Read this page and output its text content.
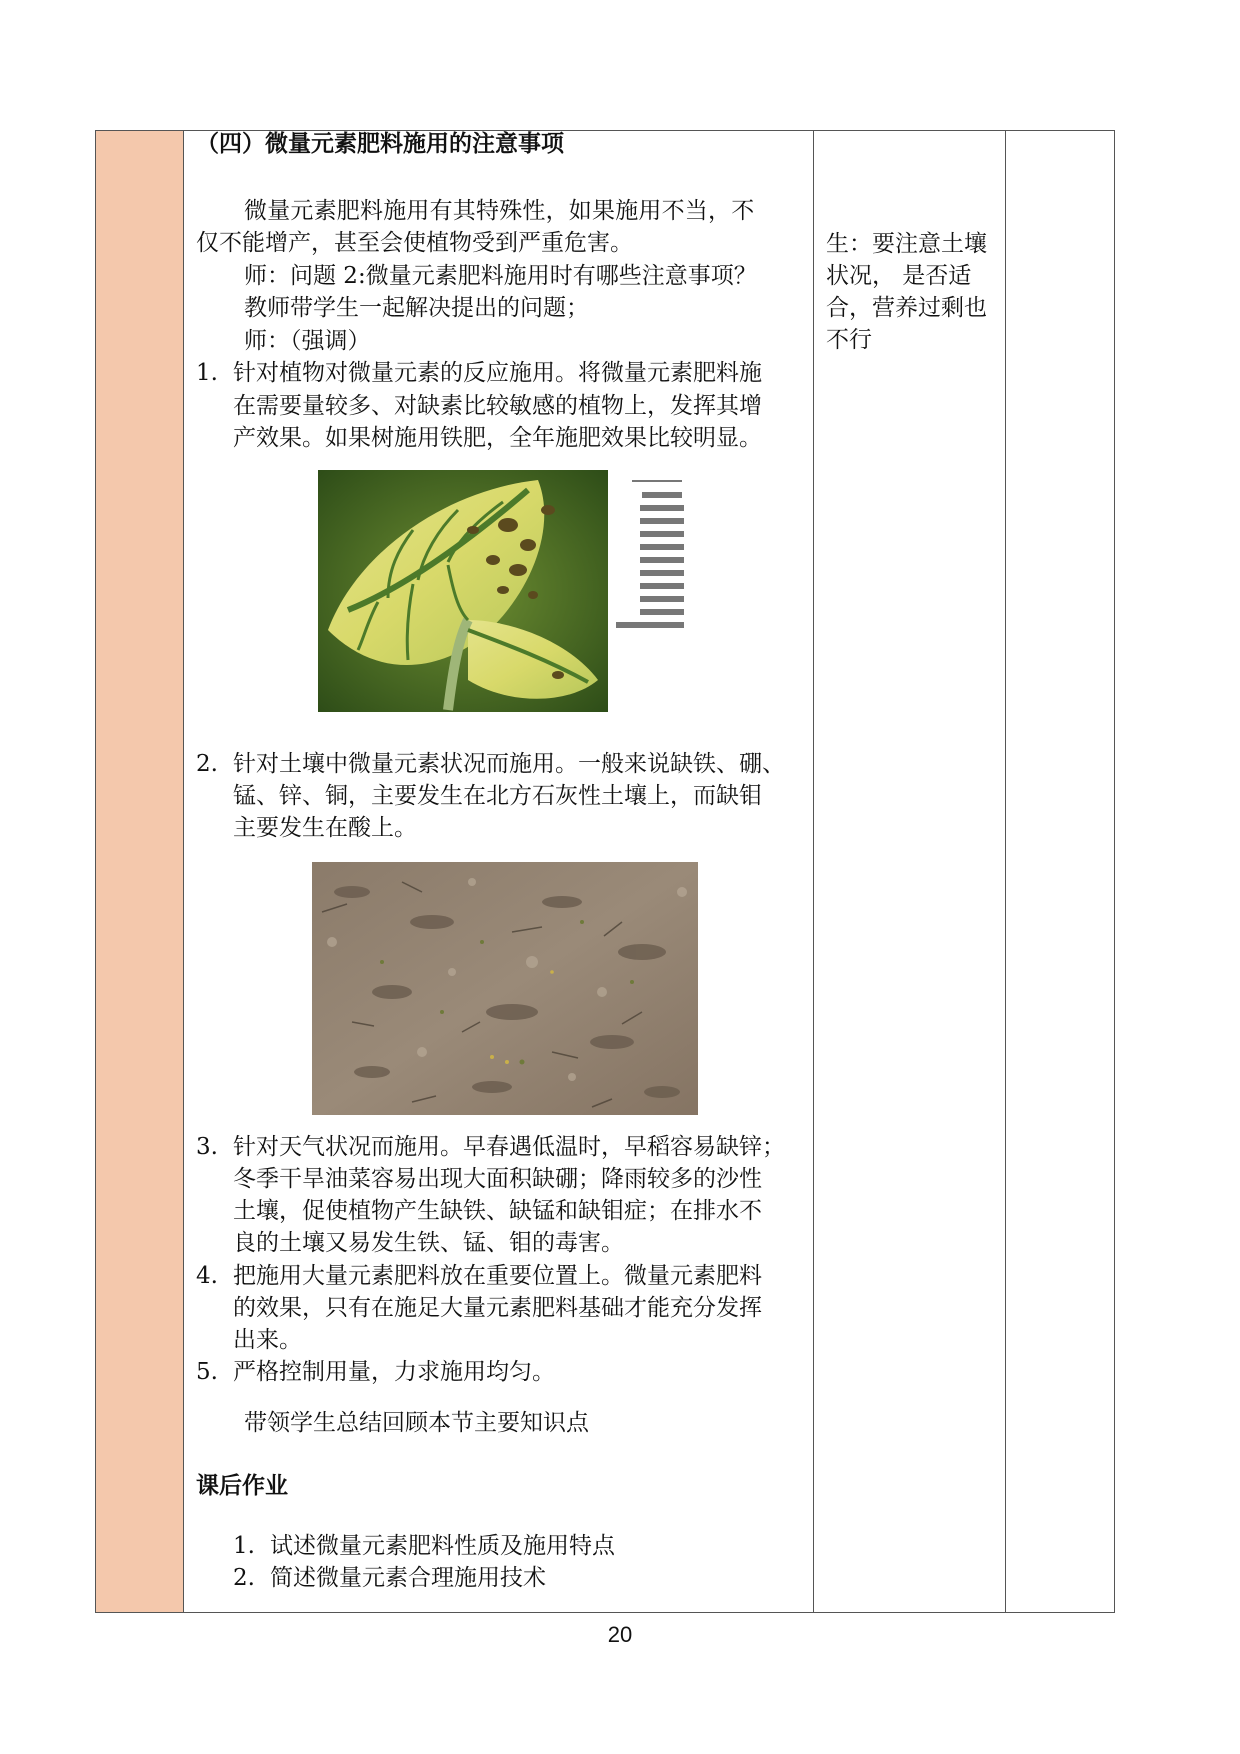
（四）微量元素肥料施用的注意事项
微量元素肥料施用有其特殊性，如果施用不当，不
仅不能增产，甚至会使植物受到严重危害。
师：问题 2:微量元素肥料施用时有哪些注意事项？
教师带学生一起解决提出的问题；
师：（强调）
1. 针对植物对微量元素的反应施用。将微量元素肥料施
在需要量较多、对缺素比较敏感的植物上，发挥其增
产效果。如果树施用铁肥，全年施肥效果比较明显。
2. 针对土壤中微量元素状况而施用。一般来说缺铁、硼、
锰、锌、铜，主要发生在北方石灰性土壤上，而缺钼
主要发生在酸上。
3. 针对天气状况而施用。早春遇低温时，早稻容易缺锌；
冬季干旱油菜容易出现大面积缺硼；降雨较多的沙性
土壤，促使植物产生缺铁、缺锰和缺钼症；在排水不
良的土壤又易发生铁、锰、钼的毒害。
4. 把施用大量元素肥料放在重要位置上。微量元素肥料
的效果，只有在施足大量元素肥料基础才能充分发挥
出来。
5. 严格控制用量，力求施用均匀。
带领学生总结回顾本节主要知识点
课后作业
1. 试述微量元素肥料性质及施用特点
2. 简述微量元素合理施用技术
生：要注意土壤
状况， 是否适
合，营养过剩也
不行
20
